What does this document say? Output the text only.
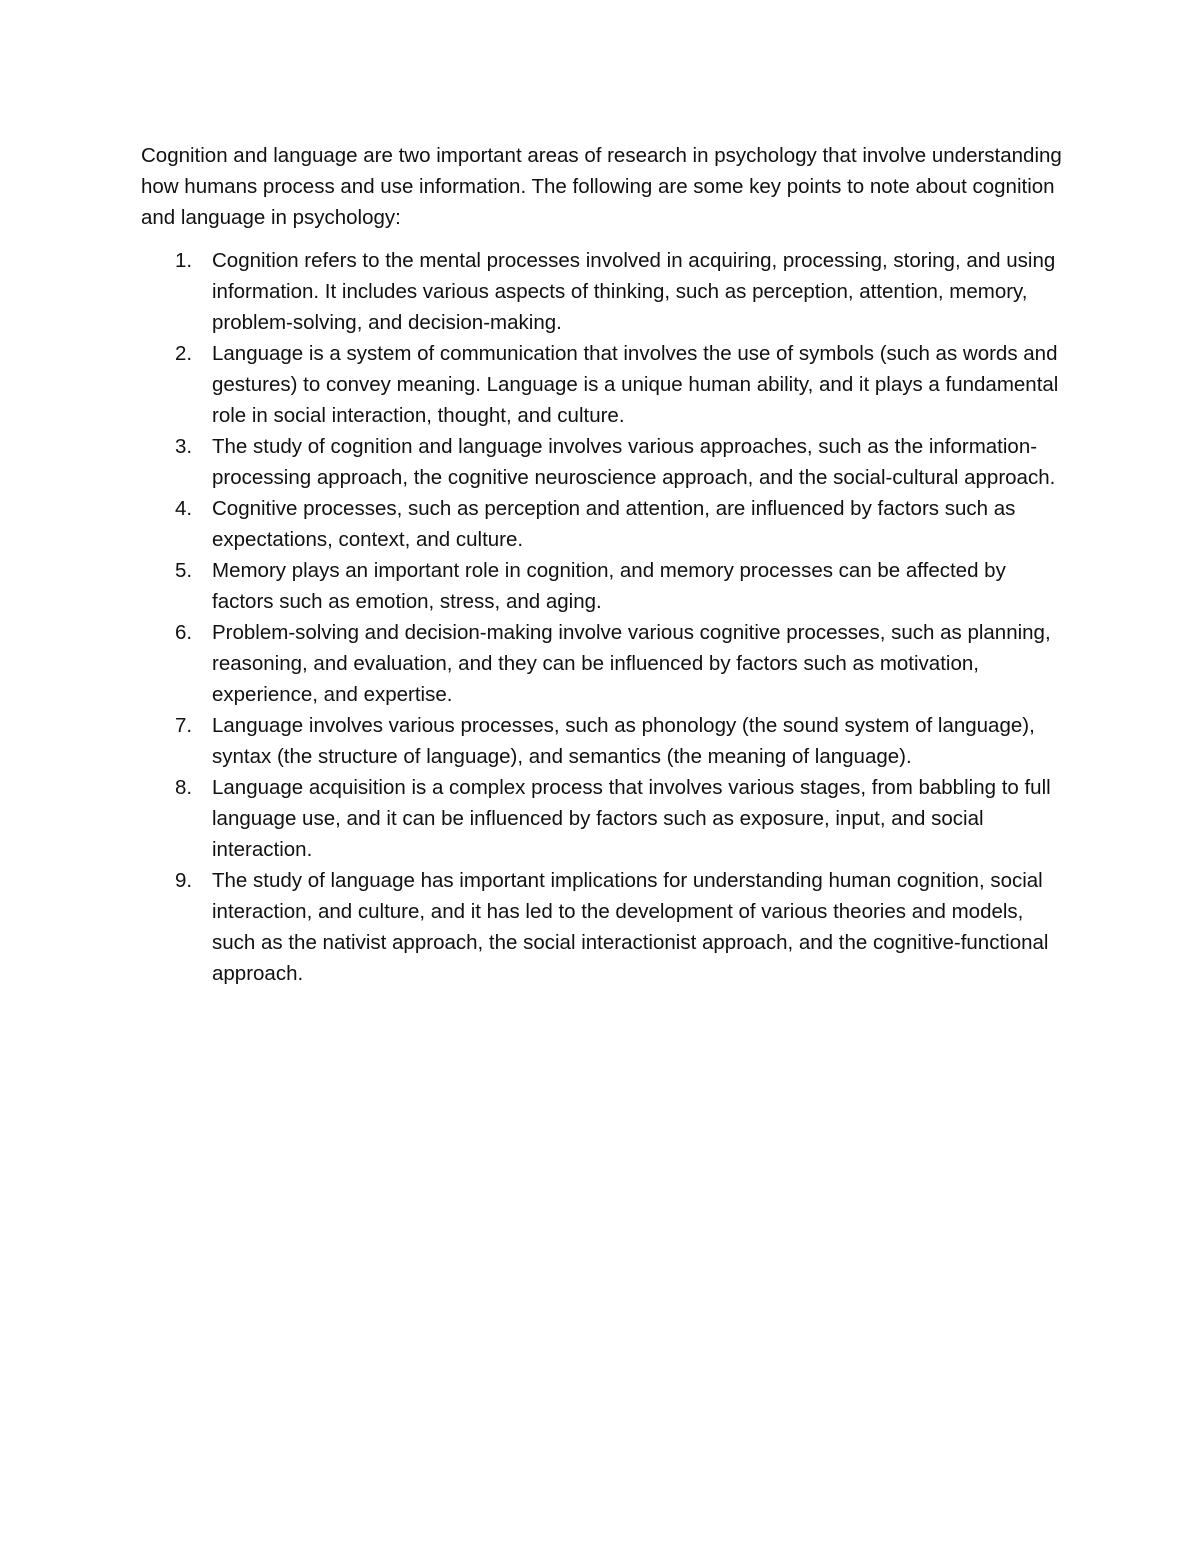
Cognition and language are two important areas of research in psychology that involve understanding how humans process and use information. The following are some key points to note about cognition and language in psychology:

1. Cognition refers to the mental processes involved in acquiring, processing, storing, and using information. It includes various aspects of thinking, such as perception, attention, memory, problem-solving, and decision-making.
2. Language is a system of communication that involves the use of symbols (such as words and gestures) to convey meaning. Language is a unique human ability, and it plays a fundamental role in social interaction, thought, and culture.
3. The study of cognition and language involves various approaches, such as the information-processing approach, the cognitive neuroscience approach, and the social-cultural approach.
4. Cognitive processes, such as perception and attention, are influenced by factors such as expectations, context, and culture.
5. Memory plays an important role in cognition, and memory processes can be affected by factors such as emotion, stress, and aging.
6. Problem-solving and decision-making involve various cognitive processes, such as planning, reasoning, and evaluation, and they can be influenced by factors such as motivation, experience, and expertise.
7. Language involves various processes, such as phonology (the sound system of language), syntax (the structure of language), and semantics (the meaning of language).
8. Language acquisition is a complex process that involves various stages, from babbling to full language use, and it can be influenced by factors such as exposure, input, and social interaction.
9. The study of language has important implications for understanding human cognition, social interaction, and culture, and it has led to the development of various theories and models, such as the nativist approach, the social interactionist approach, and the cognitive-functional approach.
